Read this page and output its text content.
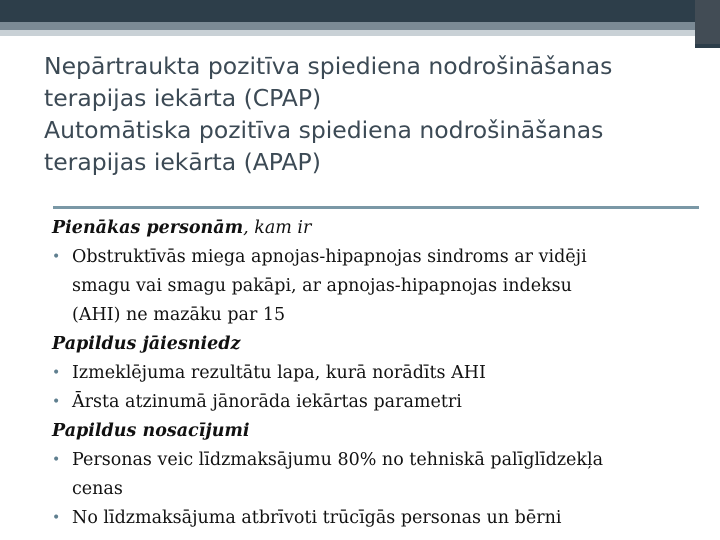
Nepārtraukta pozitīva spiediena nodrošināšanas
terapijas iekārta (CPAP)
Automātiska pozitīva spiediena nodrošināšanas
terapijas iekārta (APAP)
Pienākas personām, kam ir
• Obstruktīvās miega apnojas-hipapnojas sindroms ar vidēji
smagu vai smagu pakāpi, ar apnojas-hipapnojas indeksu
(AHI) ne mazāku par 15
Papildus jāiesniedz
• Izmeklējuma rezultātu lapa, kurā norādīts AHI
• Ārsta atzinumā jānorāda iekārtas parametri
Papildus nosacījumi
• Personas veic līdzmaksājumu 80% no tehniskā palīglīdzekļa
cenas
• No līdzmaksājuma atbrīvoti trūcīgās personas un bērni
